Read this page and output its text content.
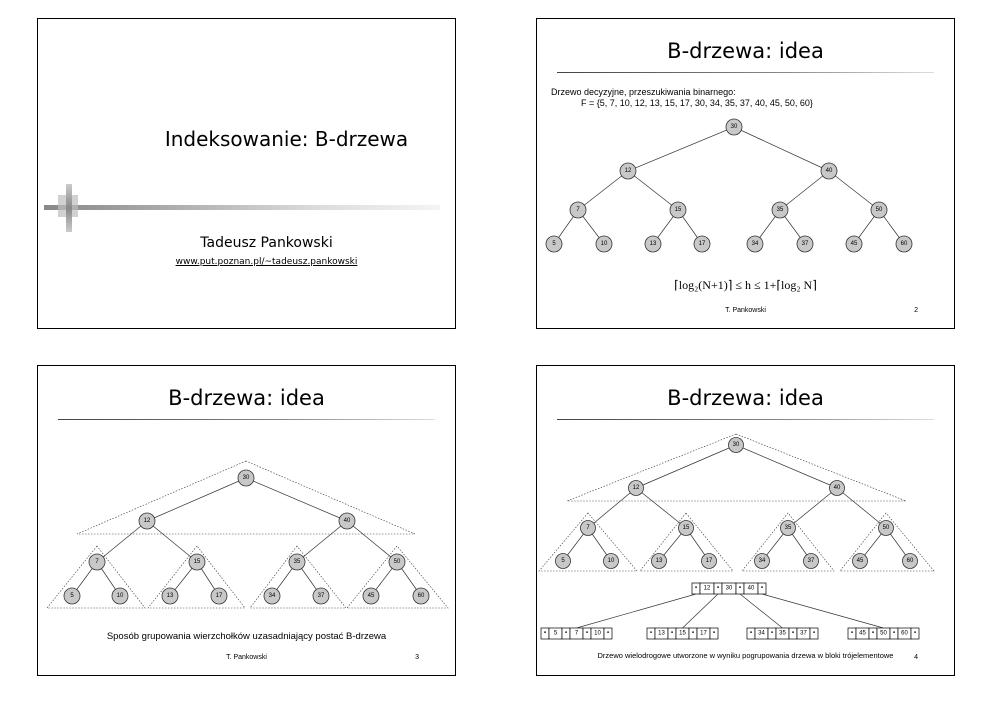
Indeksowanie: B-drzewa
Tadeusz Pankowski
www.put.poznan.pl/~tadeusz.pankowski
B-drzewa: idea
Drzewo decyzyjne, przeszukiwania binarnego:
F = {5, 7, 10, 12, 13, 15, 17, 30, 34, 35, 37, 40, 45, 50, 60}
30
12	40
7	15	35	50
5	10	13	17	34	37	45	60
⌈log₂(N+1)⌉ ≤ h ≤ 1+⌈log₂ N⌉
T. Pankowski	2
B-drzewa: idea
30
12	40
7	15	35	50
5	10	13	17	34	37	45	60
Sposób grupowania wierzchołków uzasadniający postać B-drzewa
T. Pankowski	3
B-drzewa: idea
30
12	40
7	15	35	50
5	10	13	17	34	37	45	60
• 12 • 30 • 40 •
• 5 • 7 • 10 •	• 13 • 15 • 17 •	• 34 • 35 • 37 •	• 45 • 50 • 60 •
Drzewo wielodrogowe utworzone w wyniku pogrupowania drzewa w bloki trójelementowe	4
